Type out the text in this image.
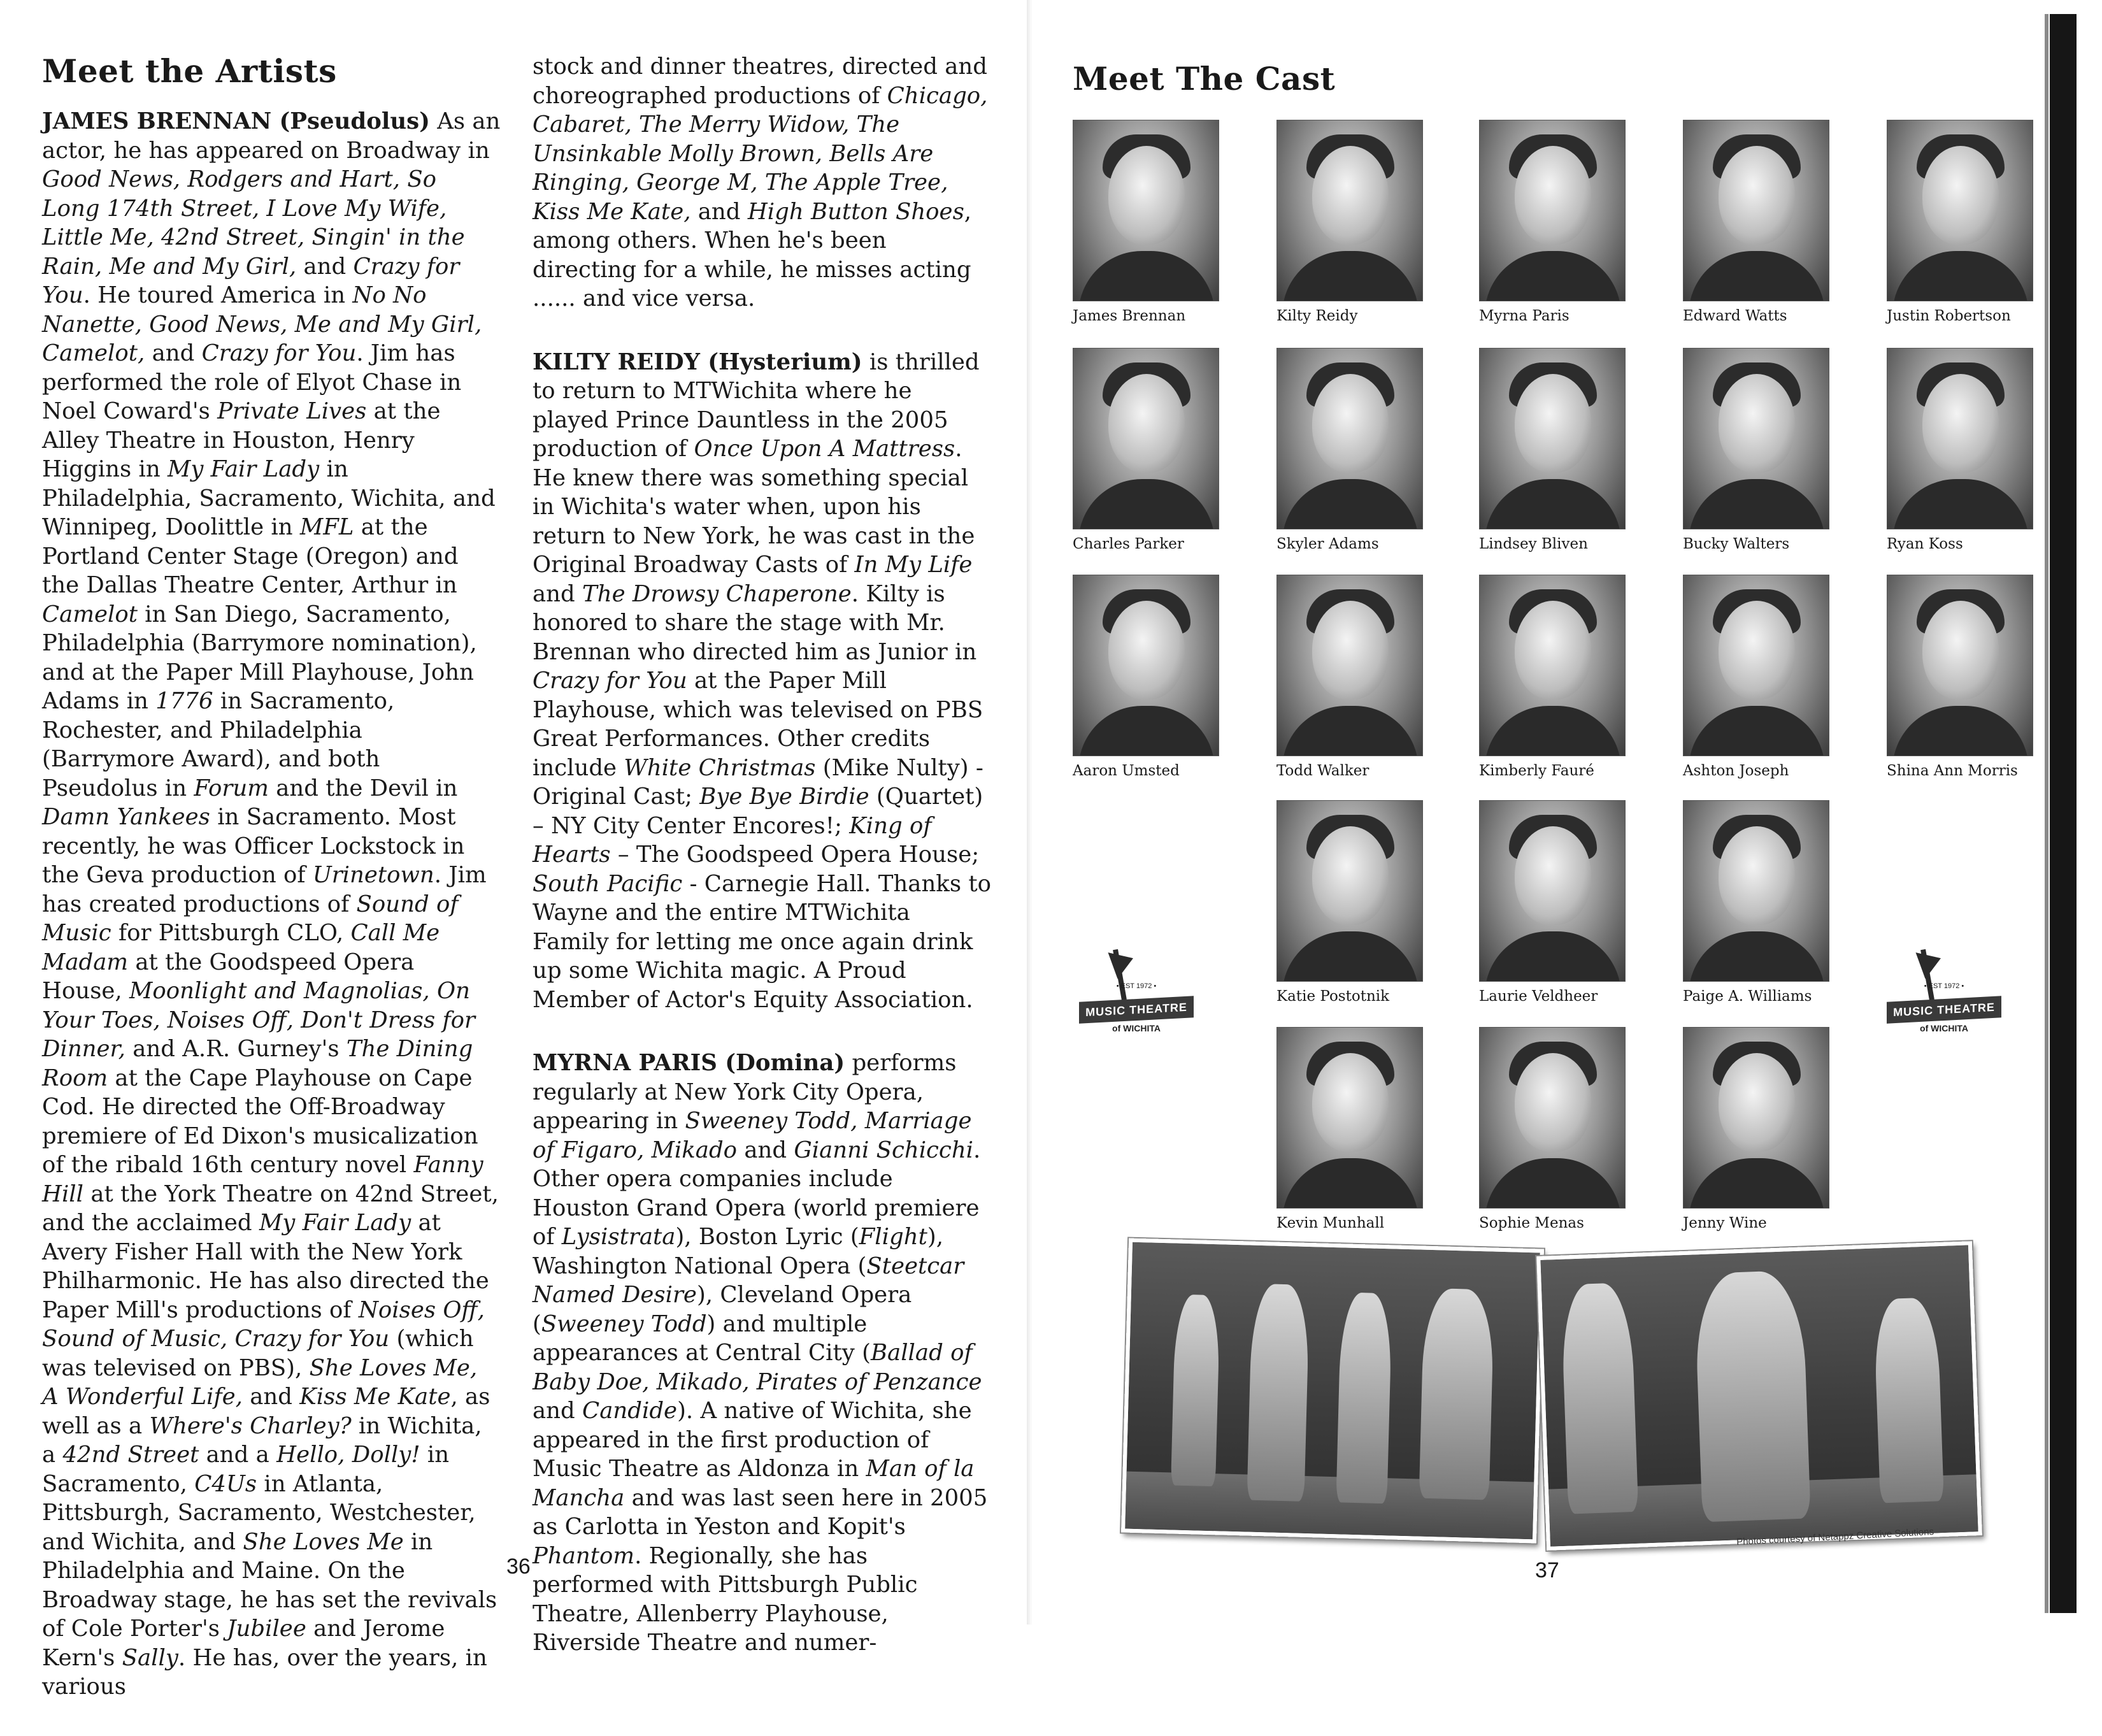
Meet the Artists

JAMES BRENNAN (Pseudolus) As an actor, he has appeared on Broadway in Good News, Rodgers and Hart, So Long 174th Street, I Love My Wife, Little Me, 42nd Street, Singin' in the Rain, Me and My Girl, and Crazy for You. He toured America in No No Nanette, Good News, Me and My Girl, Camelot, and Crazy for You. Jim has performed the role of Elyot Chase in Noel Coward's Private Lives at the Alley Theatre in Houston, Henry Higgins in My Fair Lady in Philadelphia, Sacramento, Wichita, and Winnipeg, Doolittle in MFL at the Portland Center Stage (Oregon) and the Dallas Theatre Center, Arthur in Camelot in San Diego, Sacramento, Philadelphia (Barrymore nomination), and at the Paper Mill Playhouse, John Adams in 1776 in Sacramento, Rochester, and Philadelphia (Barrymore Award), and both Pseudolus in Forum and the Devil in Damn Yankees in Sacramento. Most recently, he was Officer Lockstock in the Geva production of Urinetown. Jim has created productions of Sound of Music for Pittsburgh CLO, Call Me Madam at the Goodspeed Opera House, Moonlight and Magnolias, On Your Toes, Noises Off, Don't Dress for Dinner, and A.R. Gurney's The Dining Room at the Cape Playhouse on Cape Cod. He directed the Off-Broadway premiere of Ed Dixon's musicalization of the ribald 16th century novel Fanny Hill at the York Theatre on 42nd Street, and the acclaimed My Fair Lady at Avery Fisher Hall with the New York Philharmonic. He has also directed the Paper Mill's productions of Noises Off, Sound of Music, Crazy for You (which was televised on PBS), She Loves Me, A Wonderful Life, and Kiss Me Kate, as well as a Where's Charley? in Wichita, a 42nd Street and a Hello, Dolly! in Sacramento, C4Us in Atlanta, Pittsburgh, Sacramento, Westchester, and Wichita, and She Loves Me in Philadelphia and Maine. On the Broadway stage, he has set the revivals of Cole Porter's Jubilee and Jerome Kern's Sally. He has, over the years, in various

stock and dinner theatres, directed and choreographed productions of Chicago, Cabaret, The Merry Widow, The Unsinkable Molly Brown, Bells Are Ringing, George M, The Apple Tree, Kiss Me Kate, and High Button Shoes, among others. When he's been directing for a while, he misses acting ...... and vice versa.

KILTY REIDY (Hysterium) is thrilled to return to MTWichita where he played Prince Dauntless in the 2005 production of Once Upon A Mattress. He knew there was something special in Wichita's water when, upon his return to New York, he was cast in the Original Broadway Casts of In My Life and The Drowsy Chaperone. Kilty is honored to share the stage with Mr. Brennan who directed him as Junior in Crazy for You at the Paper Mill Playhouse, which was televised on PBS Great Performances. Other credits include White Christmas (Mike Nulty) - Original Cast; Bye Bye Birdie (Quartet) – NY City Center Encores!; King of Hearts – The Goodspeed Opera House; South Pacific - Carnegie Hall. Thanks to Wayne and the entire MTWichita Family for letting me once again drink up some Wichita magic. A Proud Member of Actor's Equity Association.

MYRNA PARIS (Domina) performs regularly at New York City Opera, appearing in Sweeney Todd, Marriage of Figaro, Mikado and Gianni Schicchi. Other opera companies include Houston Grand Opera (world premiere of Lysistrata), Boston Lyric (Flight), Washington National Opera (Steetcar Named Desire), Cleveland Opera (Sweeney Todd) and multiple appearances at Central City (Ballad of Baby Doe, Mikado, Pirates of Penzance and Candide). A native of Wichita, she appeared in the first production of Music Theatre as Aldonza in Man of la Mancha and was last seen here in 2005 as Carlotta in Yeston and Kopit's Phantom. Regionally, she has performed with Pittsburgh Public Theatre, Allenberry Playhouse, Riverside Theatre and numer-

36
Meet The Cast
James Brennan	Kilty Reidy	Myrna Paris	Edward Watts	Justin Robertson
Charles Parker	Skyler Adams	Lindsey Bliven	Bucky Walters	Ryan Koss
Aaron Umsted	Todd Walker	Kimberly Fauré	Ashton Joseph	Shina Ann Morris
Katie Postotnik	Laurie Veldheer	Paige A. Williams
Kevin Munhall	Sophie Menas	Jenny Wine
• EST 1972 •
MUSIC THEATRE
of WICHITA
• EST 1972 •
MUSIC THEATRE
of WICHITA
37
Photos courtesy of Netappz Creative Solutions
